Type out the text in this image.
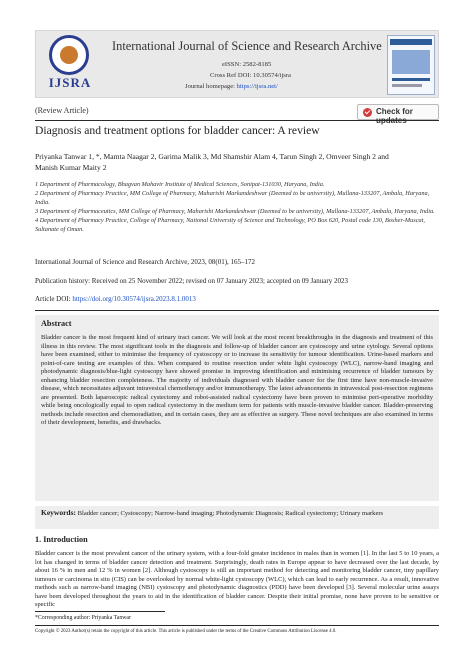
IJSRA
International Journal of Science and Research Archive
eISSN: 2582-8185
Cross Ref DOI: 10.30574/ijsra
Journal homepage: https://ijsra.net/
(Review Article)	Check for
Diagnosis and treatment options for bladder cancer: A review
Priyanka Tanwar 1, *, Mamta Naagar 2, Garima Malik 3, Md Shamshir Alam 4, Tarun Singh 2, Omveer Singh 2 and
Manish Kumar Maity 2

1 Department of Pharmacology, Bhagvan Mahavir Institute of Medical Sciences, Sonipat-131030, Haryana, India.

2 Department of Pharmacy Practice, MM College of Pharmacy, Maharishi Markandeshwar (Deemed to be university), Mullana-133207, Ambala, Haryana, India.

3 Department of Pharmaceutics, MM College of Pharmacy, Maharishi Markandeshwar (Deemed to be university), Mullana-133207, Ambala, Haryana, India.

4 Department of Pharmacy Practice, College of Pharmacy, National University of Science and Technology, PO Box 620, Postal code 130, Bosher-Muscat, Sultanate of Oman.

International Journal of Science and Research Archive, 2023, 08(01), 165–172
Publication history: Received on 25 November 2022; revised on 07 January 2023; accepted on 09 January 2023
Article DOI: https://doi.org/10.30574/ijsra.2023.8.1.0013
Abstract

Bladder cancer is the most frequent kind of urinary tract cancer. We will look at the most recent breakthroughs in the diagnosis and treatment of this illness in this review. The most significant tools in the diagnosis and follow-up of bladder cancer are cystoscopy and urine cytology. Several options have been examined, either to minimise the frequency of cystoscopy or to increase its sensitivity for tumour identification. Urine-based markers and point-of-care testing are examples of this. When compared to routine resection under white light cystoscopy (WLC), narrow-band imaging and photodynamic diagnosis/blue-light cystoscopy have showed promise in improving identification and minimising recurrence of bladder tumours by enhancing bladder resection completeness. The majority of individuals diagnosed with bladder cancer for the first time have non-muscle-invasive disease, which necessitates adjuvant intravesical chemotherapy and/or immunotherapy. The latest advancements in intravesical post-resection regimens are presented. Both laparoscopic radical cystectomy and robot-assisted radical cystectomy have been proven to minimise peri-operative morbidity while being oncologically equal to open radical cystectomy in the medium term for patients with muscle-invasive bladder cancer. Bladder-preserving methods include resection and chemoradiation, and in certain cases, they are as effective as surgery. These novel techniques are also examined in terms of their development, benefits, and drawbacks.

Keywords: Bladder cancer; Cystoscopy; Narrow-band imaging; Photodynamic Diagnosis; Radical cystectomy; Urinary markers
1. Introduction

Bladder cancer is the most prevalent cancer of the urinary system, with a four-fold greater incidence in males than in women [1]. In the last 5 to 10 years, a lot has changed in terms of bladder cancer detection and treatment. Surprisingly, death rates in Europe appear to have decreased over the last decade, by about 16 % in men and 12 % in women [2]. Although cystoscopy is still an important method for detecting and monitoring bladder cancer, tiny papillary tumours or carcinoma in situ (CIS) can be overlooked by normal white-light cystoscopy (WLC), which can lead to early recurrence. As a result, innovative methods such as narrow-band imaging (NBI) cystoscopy and photodynamic diagnostics (PDD) have been developed [3]. Several molecular urine assays have been developed throughout the years to aid in the identification of bladder cancer. Despite their initial promise, none have proven to be sensitive or specific

*Corresponding author: Priyanka Tanwar
Copyright © 2023 Author(s) retain the copyright of this article. This article is published under the terms of the Creative Commons Attribution Liscense 4.0.
